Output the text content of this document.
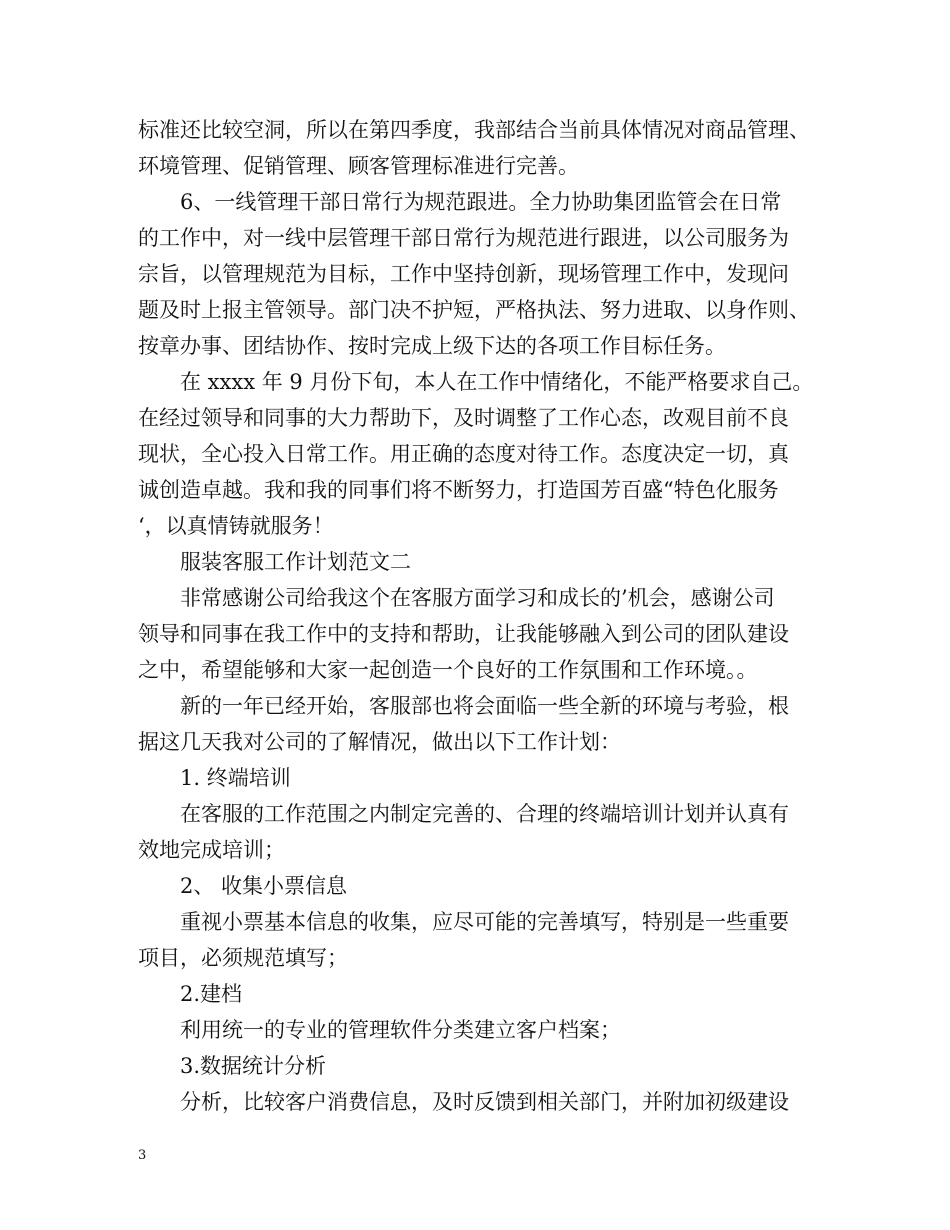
标准还比较空洞，所以在第四季度，我部结合当前具体情况对商品管理、
环境管理、促销管理、顾客管理标准进行完善。
6、一线管理干部日常行为规范跟进。全力协助集团监管会在日常
的工作中，对一线中层管理干部日常行为规范进行跟进，以公司服务为
宗旨，以管理规范为目标，工作中坚持创新，现场管理工作中，发现问
题及时上报主管领导。部门决不护短，严格执法、努力进取、以身作则、
按章办事、团结协作、按时完成上级下达的各项工作目标任务。
在 xxxx 年 9 月份下旬，本人在工作中情绪化，不能严格要求自己。
在经过领导和同事的大力帮助下，及时调整了工作心态，改观目前不良
现状，全心投入日常工作。用正确的态度对待工作。态度决定一切，真
诚创造卓越。我和我的同事们将不断努力，打造国芳百盛“特色化服务
‘，以真情铸就服务！
服装客服工作计划范文二
非常感谢公司给我这个在客服方面学习和成长的’机会，感谢公司
领导和同事在我工作中的支持和帮助，让我能够融入到公司的团队建设
之中，希望能够和大家一起创造一个良好的工作氛围和工作环境。。
新的一年已经开始，客服部也将会面临一些全新的环境与考验，根
据这几天我对公司的了解情况，做出以下工作计划：
1. 终端培训
在客服的工作范围之内制定完善的、合理的终端培训计划并认真有
效地完成培训；
2、 收集小票信息
重视小票基本信息的收集，应尽可能的完善填写，特别是一些重要
项目，必须规范填写；
2.建档
利用统一的专业的管理软件分类建立客户档案；
3.数据统计分析
分析，比较客户消费信息，及时反馈到相关部门，并附加初级建设
3
